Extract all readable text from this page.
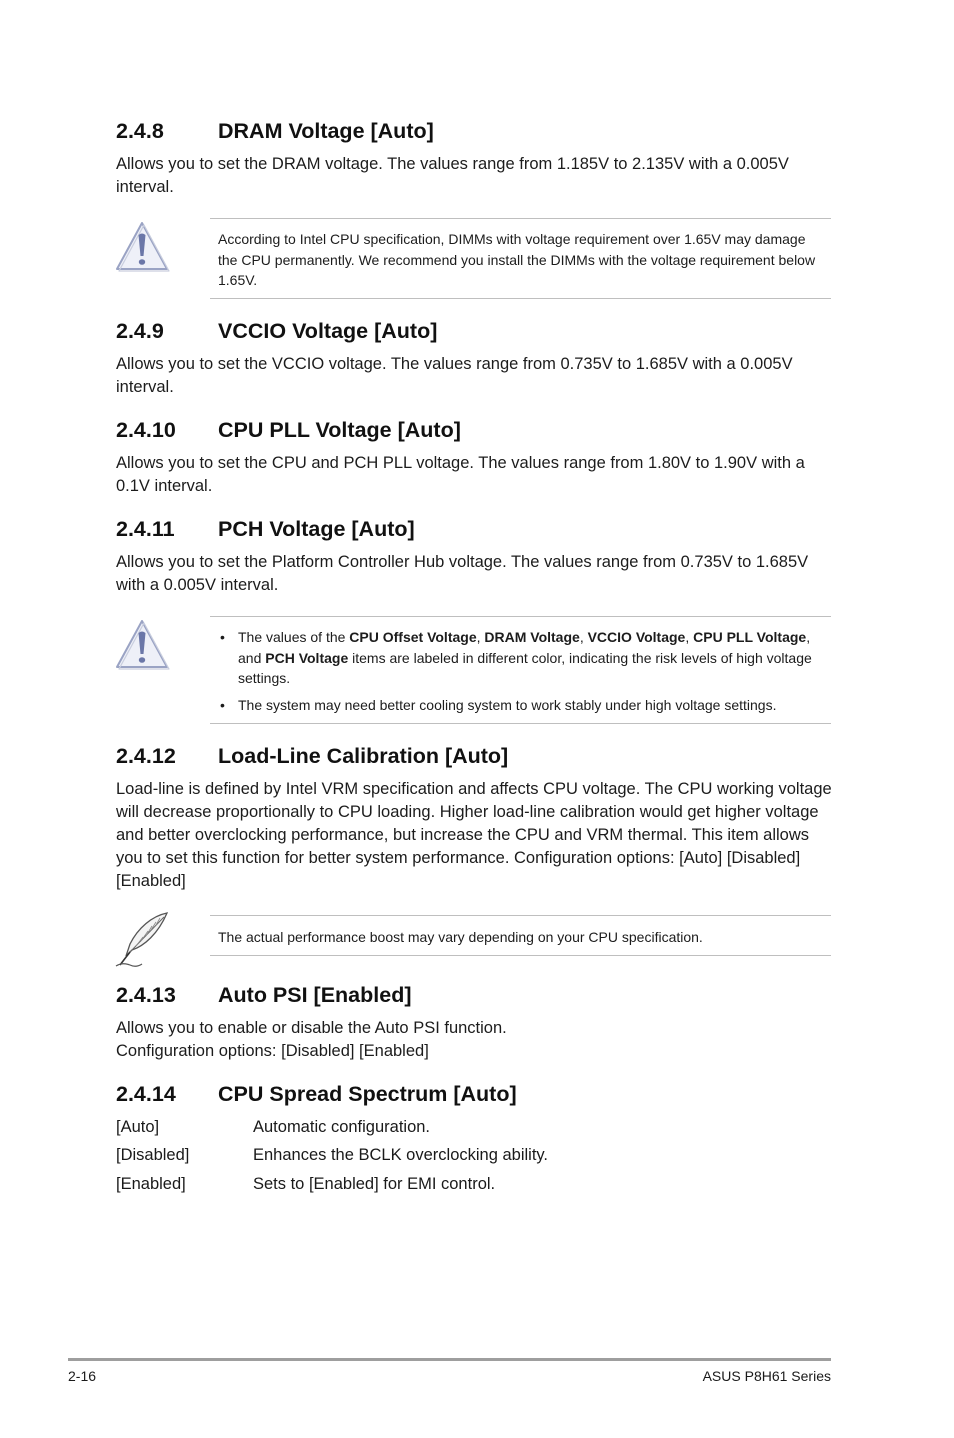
2.4.8	DRAM Voltage [Auto]

Allows you to set the DRAM voltage. The values range from 1.185V to 2.135V with a 0.005V interval.

According to Intel CPU specification, DIMMs with voltage requirement over 1.65V may damage the CPU permanently. We recommend you install the DIMMs with the voltage requirement below 1.65V.

2.4.9	VCCIO Voltage [Auto]

Allows you to set the VCCIO voltage. The values range from 0.735V to 1.685V with a 0.005V interval.

2.4.10 CPU PLL Voltage [Auto]

Allows you to set the CPU and PCH PLL voltage. The values range from 1.80V to 1.90V with a 0.1V interval.

2.4.11 PCH Voltage [Auto]

Allows you to set the Platform Controller Hub voltage. The values range from 0.735V to 1.685V with a 0.005V interval.

• The values of the CPU Offset Voltage, DRAM Voltage, VCCIO Voltage, CPU PLL Voltage, and PCH Voltage items are labeled in different color, indicating the risk levels of high voltage settings.
• The system may need better cooling system to work stably under high voltage settings.
2.4.12 Load-Line Calibration [Auto]

Load-line is defined by Intel VRM specification and affects CPU voltage. The CPU working voltage will decrease proportionally to CPU loading. Higher load-line calibration would get higher voltage and better overclocking performance, but increase the CPU and VRM thermal. This item allows you to set this function for better system performance. Configuration options: [Auto] [Disabled] [Enabled]

The actual performance boost may vary depending on your CPU specification.

2.4.13 Auto PSI [Enabled]

Allows you to enable or disable the Auto PSI function.

Configuration options: [Disabled] [Enabled]

2.4.14 CPU Spread Spectrum [Auto]
[Auto]	Automatic configuration.
[Disabled]	Enhances the BCLK overclocking ability.
[Enabled]	Sets to [Enabled] for EMI control.
2-16	ASUS P8H61 Series
